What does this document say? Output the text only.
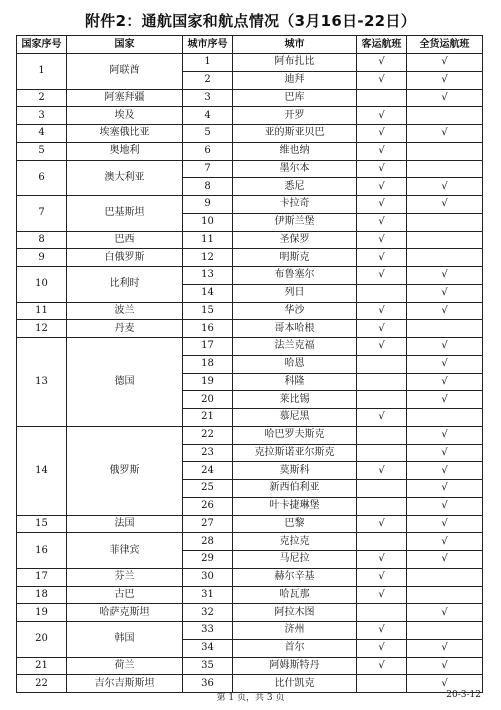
附件2：通航国家和航点情况（3月16日-22日）
国家序号	国家	城市序号	城市	客运航班	全货运航班
1	阿联酋	1	阿布扎比	√	√
		2	迪拜	√	√
2	阿塞拜疆	3	巴库		√
3	埃及	4	开罗	√	
4	埃塞俄比亚	5	亚的斯亚贝巴	√	√
5	奥地利	6	维也纳	√	
6	澳大利亚	7	墨尔本	√	
		8	悉尼	√	√
7	巴基斯坦	9	卡拉奇	√	√
		10	伊斯兰堡	√	
8	巴西	11	圣保罗	√	
9	白俄罗斯	12	明斯克	√	
10	比利时	13	布鲁塞尔	√	√
		14	列日		√
11	波兰	15	华沙	√	√
12	丹麦	16	哥本哈根	√	
13	德国	17	法兰克福	√	√
		18	哈恩		√
		19	科隆		√
		20	莱比锡		√
		21	慕尼黑	√	
14	俄罗斯	22	哈巴罗夫斯克		√
		23	克拉斯诺亚尔斯克		√
		24	莫斯科	√	√
		25	新西伯利亚		√
		26	叶卡捷琳堡		√
15	法国	27	巴黎	√	√
16	菲律宾	28	克拉克		√
		29	马尼拉	√	√
17	芬兰	30	赫尔辛基	√	
18	古巴	31	哈瓦那	√	
19	哈萨克斯坦	32	阿拉木图		√
20	韩国	33	济州	√	
		34	首尔	√	√
21	荷兰	35	阿姆斯特丹	√	√
22	吉尔吉斯斯坦	36	比什凯克		√
第 1 页，共 3 页	20-3-12
